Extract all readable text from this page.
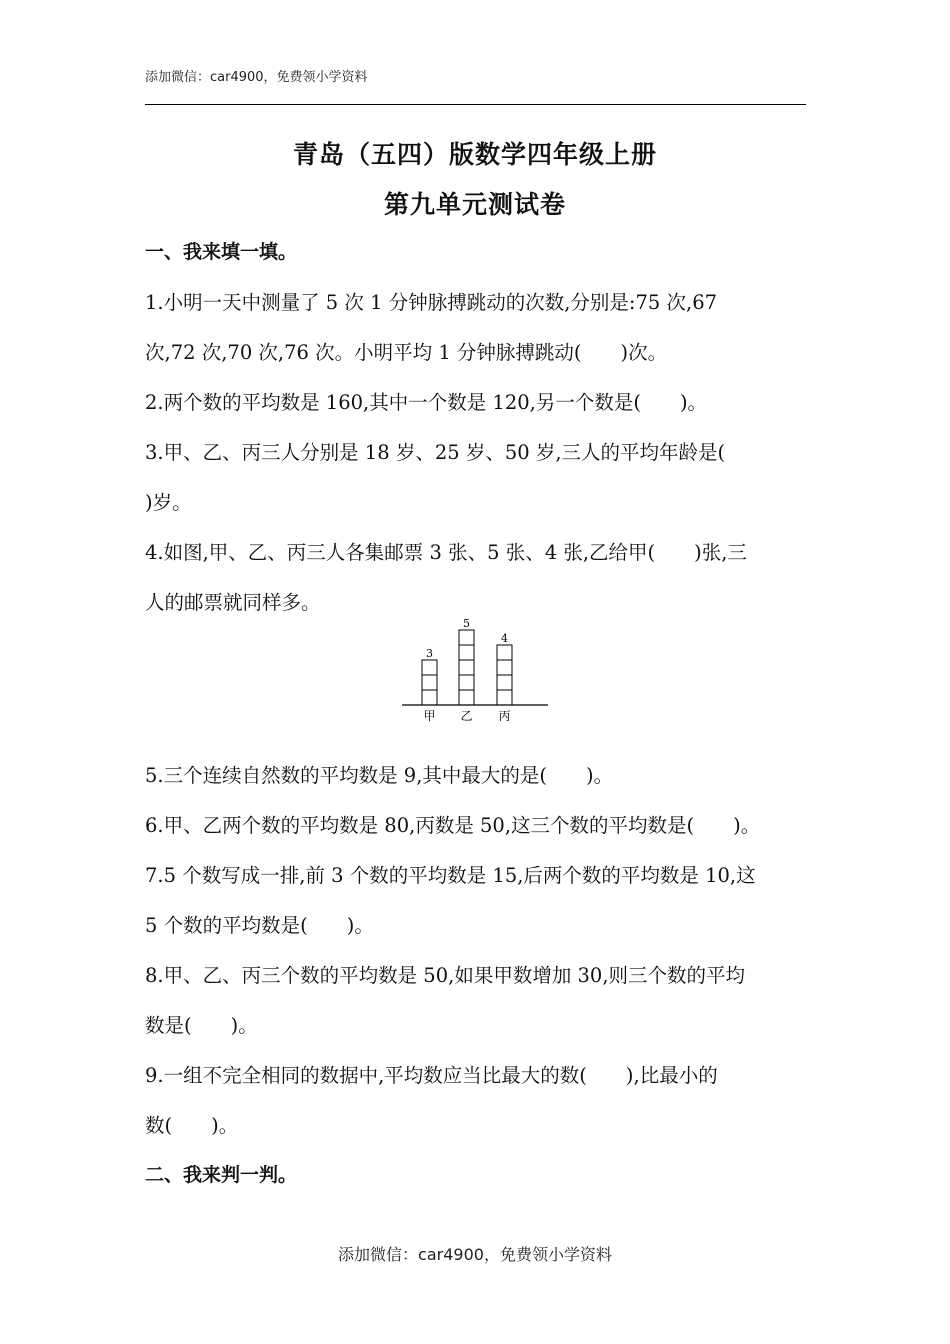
添加微信：car4900，免费领小学资料
青岛（五四）版数学四年级上册
第九单元测试卷
一、我来填一填。
1.小明一天中测量了 5 次 1 分钟脉搏跳动的次数,分别是:75 次,67
次,72 次,70 次,76 次。小明平均 1 分钟脉搏跳动(　　)次。
2.两个数的平均数是 160,其中一个数是 120,另一个数是(　　)。
3.甲、乙、丙三人分别是 18 岁、25 岁、50 岁,三人的平均年龄是(
)岁。
4.如图,甲、乙、丙三人各集邮票 3 张、5 张、4 张,乙给甲(　　)张,三
人的邮票就同样多。
3
甲
5
乙
4
丙
5.三个连续自然数的平均数是 9,其中最大的是(　　)。
6.甲、乙两个数的平均数是 80,丙数是 50,这三个数的平均数是(　　)。
7.5 个数写成一排,前 3 个数的平均数是 15,后两个数的平均数是 10,这
5 个数的平均数是(　　)。
8.甲、乙、丙三个数的平均数是 50,如果甲数增加 30,则三个数的平均
数是(　　)。
9.一组不完全相同的数据中,平均数应当比最大的数(　　),比最小的
数(　　)。
二、我来判一判。
添加微信：car4900，免费领小学资料
